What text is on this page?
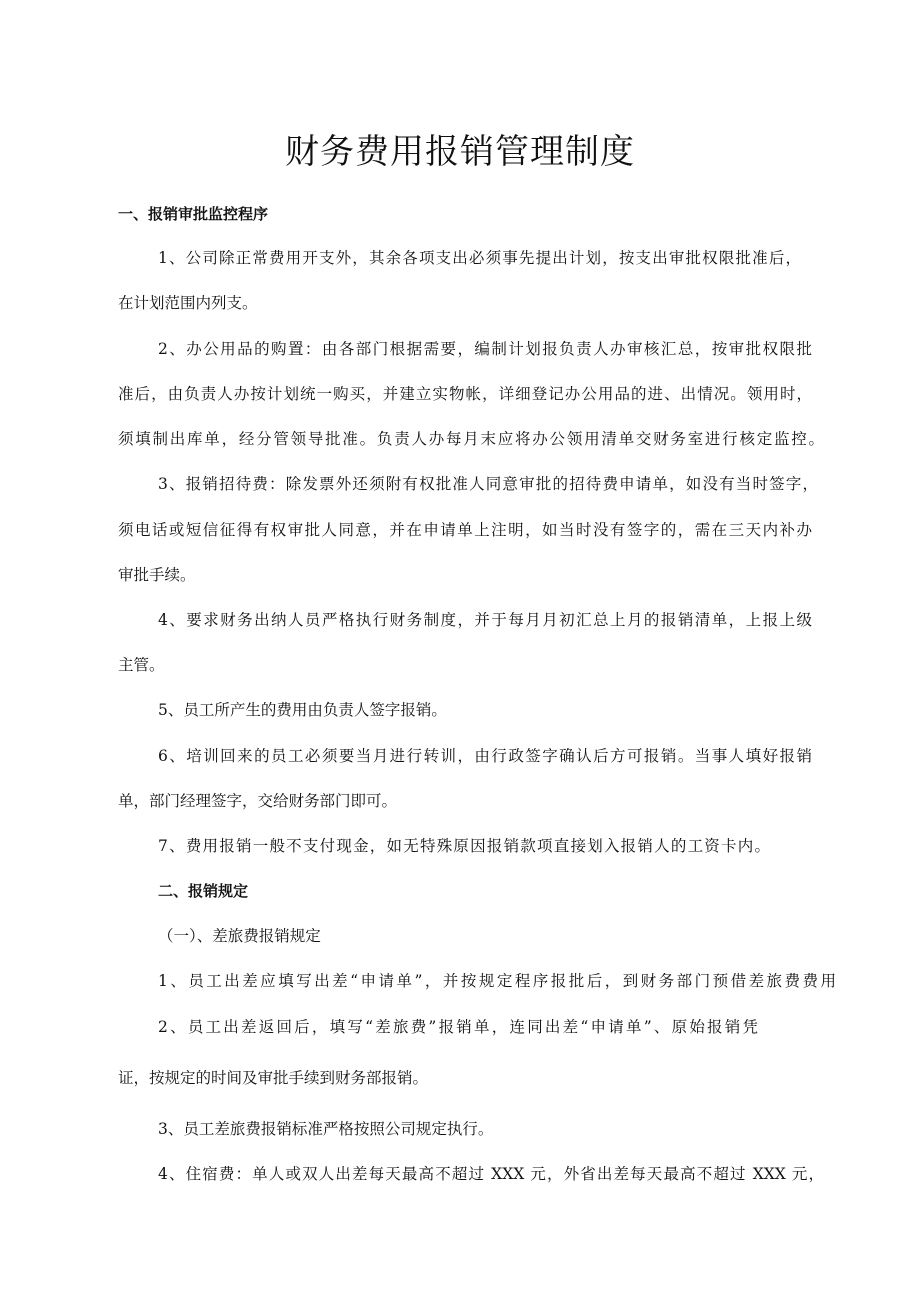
财务费用报销管理制度
一、报销审批监控程序
1、公司除正常费用开支外，其余各项支出必须事先提出计划，按支出审批权限批准后，
在计划范围内列支。
2、办公用品的购置：由各部门根据需要，编制计划报负责人办审核汇总，按审批权限批
准后，由负责人办按计划统一购买，并建立实物帐，详细登记办公用品的进、出情况。领用时，
须填制出库单，经分管领导批准。负责人办每月末应将办公领用清单交财务室进行核定监控。
3、报销招待费：除发票外还须附有权批准人同意审批的招待费申请单，如没有当时签字，
须电话或短信征得有权审批人同意，并在申请单上注明，如当时没有签字的，需在三天内补办
审批手续。
4、要求财务出纳人员严格执行财务制度，并于每月月初汇总上月的报销清单，上报上级
主管。
5、员工所产生的费用由负责人签字报销。
6、培训回来的员工必须要当月进行转训，由行政签字确认后方可报销。当事人填好报销
单，部门经理签字，交给财务部门即可。
7、费用报销一般不支付现金，如无特殊原因报销款项直接划入报销人的工资卡内。
二、报销规定
（一）、差旅费报销规定
1、员工出差应填写出差“申请单”，并按规定程序报批后，到财务部门预借差旅费费用
2、员工出差返回后，填写“差旅费”报销单，连同出差“申请单”、原始报销凭
证，按规定的时间及审批手续到财务部报销。
3、员工差旅费报销标准严格按照公司规定执行。
4、住宿费：单人或双人出差每天最高不超过 XXX 元，外省出差每天最高不超过 XXX 元，
